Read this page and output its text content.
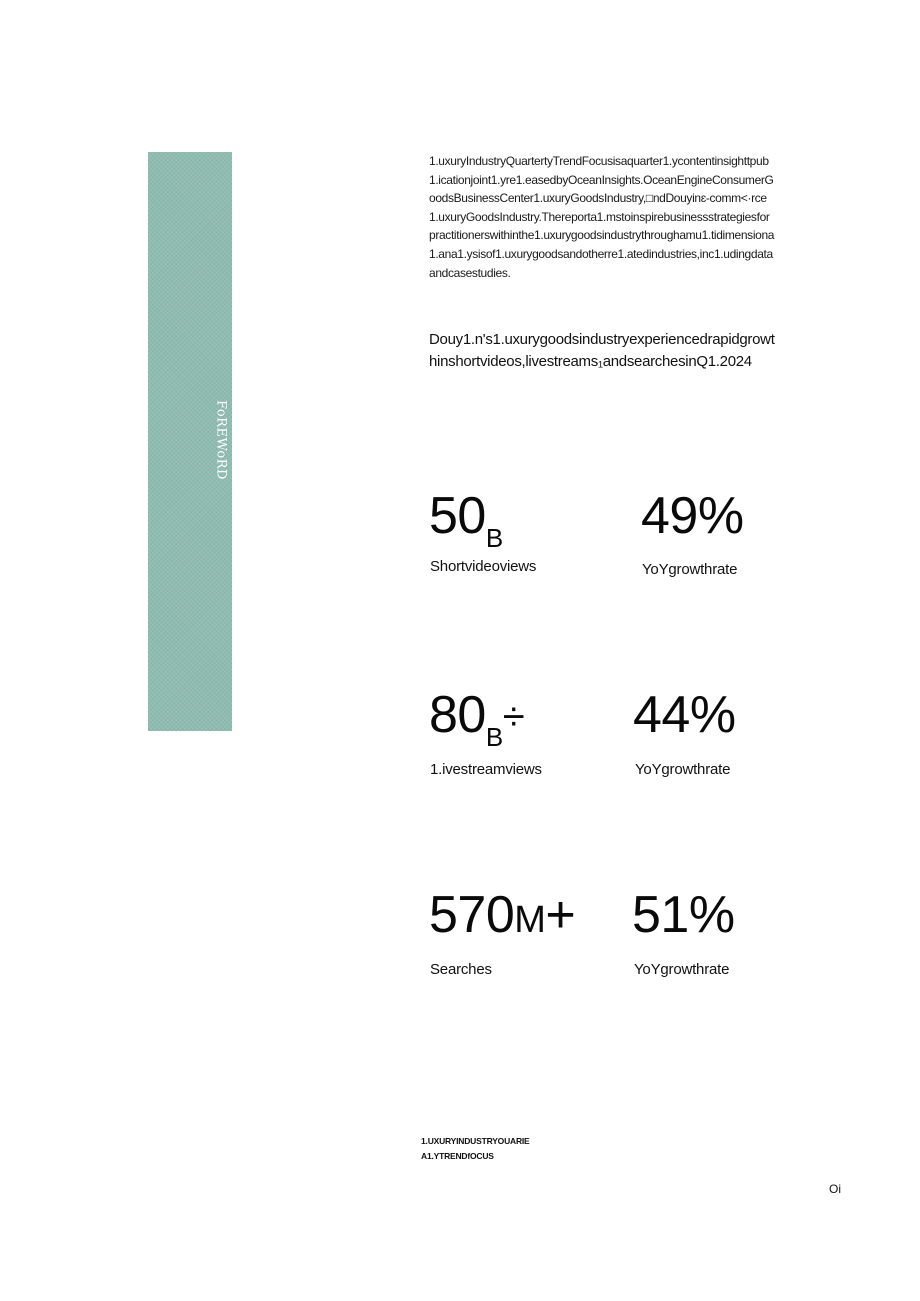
FoREWoRD

1.uxuryIndustryQuartertyTrendFocusisaquarter1.ycontentinsighttpub1.icationjoint1.yre1.easedbyOceanInsights.OceanEngineConsumerGoodsBusinessCenter1.uxuryGoodsIndustry,□ndDouyinɛ-comm<·rce1.uxuryGoodsIndustry.Thereporta1.mstoinspirebusinessstrategiesforpractitionerswithinthe1.uxurygoodsindustrythroughamu1.tidimensiona1.ana1.ysisof1.uxurygoodsandotherre1.atedindustries,inc1.udingdataandcasestudies.

Douy1.n's1.uxurygoodsindustryexperiencedrapidgrowthinshortvideos,livestreams₁andsearchesinQ1.2024

$50_B$
Shortvideoviews
49%
YoYgrowthrate
$80_B\div$
1.ivestreamviews
44%
YoYgrowthrate
570M+
Searches
51%
YoYgrowthrate
1.UXURYINDUSTRYOUARIEA1.YTRENDfOCUS
Oi
